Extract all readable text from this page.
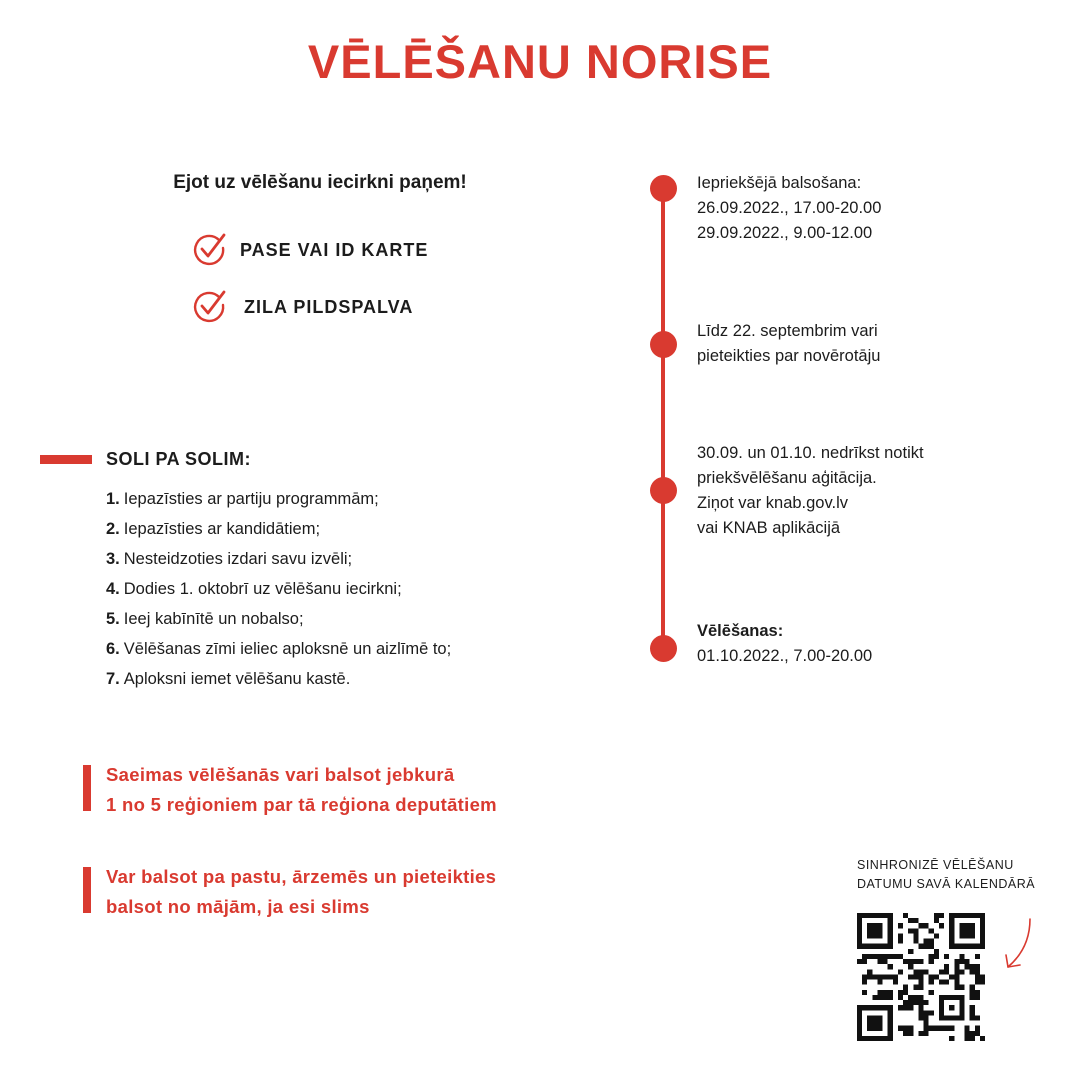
VĒLĒŠANU NORISE
Ejot uz vēlēšanu iecirkni paņem!
PASE VAI ID KARTE
ZILA PILDSPALVA
SOLI PA SOLIM:
1. Iepazīsties ar partiju programmām;
2. Iepazīsties ar kandidātiem;
3. Nesteidzoties izdari savu izvēli;
4. Dodies 1. oktobrī uz vēlēšanu iecirkni;
5. Ieej kabīnītē un nobalso;
6. Vēlēšanas zīmi ieliec aploksnē un aizlīmē to;
7. Aploksni iemet vēlēšanu kastē.
Saeimas vēlēšanās vari balsot jebkurā
1 no 5 reģioniem par tā reģiona deputātiem
Var balsot pa pastu, ārzemēs un pieteikties
balsot no mājām, ja esi slims
Iepriekšējā balsošana:
26.09.2022., 17.00-20.00
29.09.2022., 9.00-12.00
Līdz 22. septembrim vari
pieteikties par novērotāju
30.09. un 01.10. nedrīkst notikt
priekšvēlēšanu aģitācija.
Ziņot var knab.gov.lv
vai KNAB aplikācijā
Vēlēšanas:
01.10.2022., 7.00-20.00
SINHRONIZĒ VĒLĒŠANU
DATUMU SAVĀ KALENDĀRĀ
